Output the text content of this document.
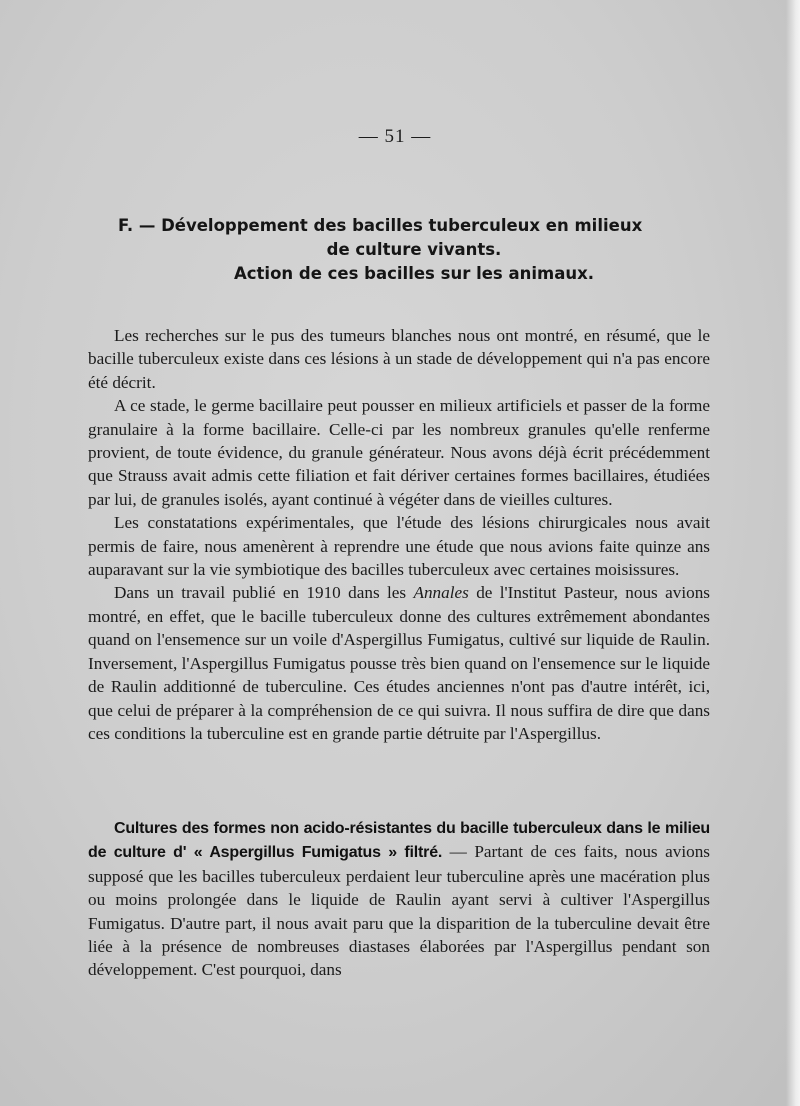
— 51 —
F. — Développement des bacilles tuberculeux en milieux
de culture vivants.
Action de ces bacilles sur les animaux.

Les recherches sur le pus des tumeurs blanches nous ont montré, en résumé, que le bacille tuberculeux existe dans ces lésions à un stade de développement qui n'a pas encore été décrit.

A ce stade, le germe bacillaire peut pousser en milieux artificiels et passer de la forme granulaire à la forme bacillaire. Celle-ci par les nombreux granules qu'elle renferme provient, de toute évidence, du granule générateur. Nous avons déjà écrit précédemment que Strauss avait admis cette filiation et fait dériver certaines formes bacillaires, étudiées par lui, de granules isolés, ayant continué à végéter dans de vieilles cultures.

Les constatations expérimentales, que l'étude des lésions chirurgicales nous avait permis de faire, nous amenèrent à reprendre une étude que nous avions faite quinze ans auparavant sur la vie symbiotique des bacilles tuberculeux avec certaines moisissures.

Dans un travail publié en 1910 dans les Annales de l'Institut Pasteur, nous avions montré, en effet, que le bacille tuberculeux donne des cultures extrêmement abondantes quand on l'ensemence sur un voile d'Aspergillus Fumigatus, cultivé sur liquide de Raulin. Inversement, l'Aspergillus Fumigatus pousse très bien quand on l'ensemence sur le liquide de Raulin additionné de tuberculine. Ces études anciennes n'ont pas d'autre intérêt, ici, que celui de préparer à la compréhension de ce qui suivra. Il nous suffira de dire que dans ces conditions la tuberculine est en grande partie détruite par l'Aspergillus.

Cultures des formes non acido-résistantes du bacille tuberculeux dans le milieu de culture d' « Aspergillus Fumigatus » filtré. — Partant de ces faits, nous avions supposé que les bacilles tuberculeux perdaient leur tuberculine après une macération plus ou moins prolongée dans le liquide de Raulin ayant servi à cultiver l'Aspergillus Fumigatus. D'autre part, il nous avait paru que la disparition de la tuberculine devait être liée à la présence de nombreuses diastases élaborées par l'Aspergillus pendant son développement. C'est pourquoi, dans
